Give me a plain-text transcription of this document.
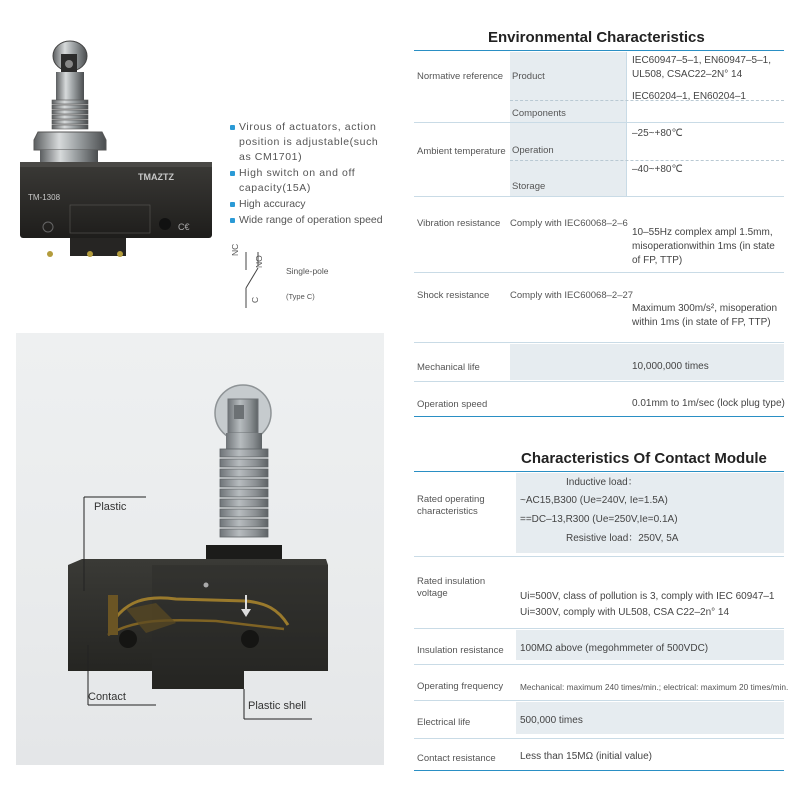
TM-1308
TMAZTZ
C€
Virous of actuators, action position is adjustable(such as CM1701)
High switch on and off capacity(15A)
High accuracy
Wide range of operation speed
NC
NO
C
Single-pole
(Type C)
Plastic
Contact
Plastic shell
Environmental Characteristics
Normative reference Product
IEC60947–5–1, EN60947–5–1, UL508, CSAC22–2N° 14
Components
IEC60204–1, EN60204–1
Ambient temperature Operation
–25~+80℃
Storage
–40~+80℃
Vibration resistance Comply with IEC60068–2–6
10–55Hz complex ampl 1.5mm, misoperationwithin 1ms (in state of FP, TTP)
Shock resistance Comply with IEC60068–2–27
Maximum 300m/s², misoperation within 1ms (in state of FP, TTP)
Mechanical life	10,000,000 times
Operation speed	0.01mm to 1m/sec (lock plug type)
Characteristics Of Contact Module
Rated operating characteristics
Inductive load：
~AC15,B300 (Ue=240V, Ie=1.5A)
==DC–13,R300 (Ue=250V,Ie=0.1A)
Resistive load：250V, 5A
Rated insulation voltage	Ui=500V, class of pollution is 3, comply with IEC 60947–1
Ui=300V, comply with UL508, CSA C22–2n° 14
Insulation resistance 100MΩ above (megohmmeter of 500VDC)
Operating frequency Mechanical: maximum 240 times/min.; electrical: maximum 20 times/min.
Electrical life	500,000 times
Contact resistance Less than 15MΩ (initial value)
